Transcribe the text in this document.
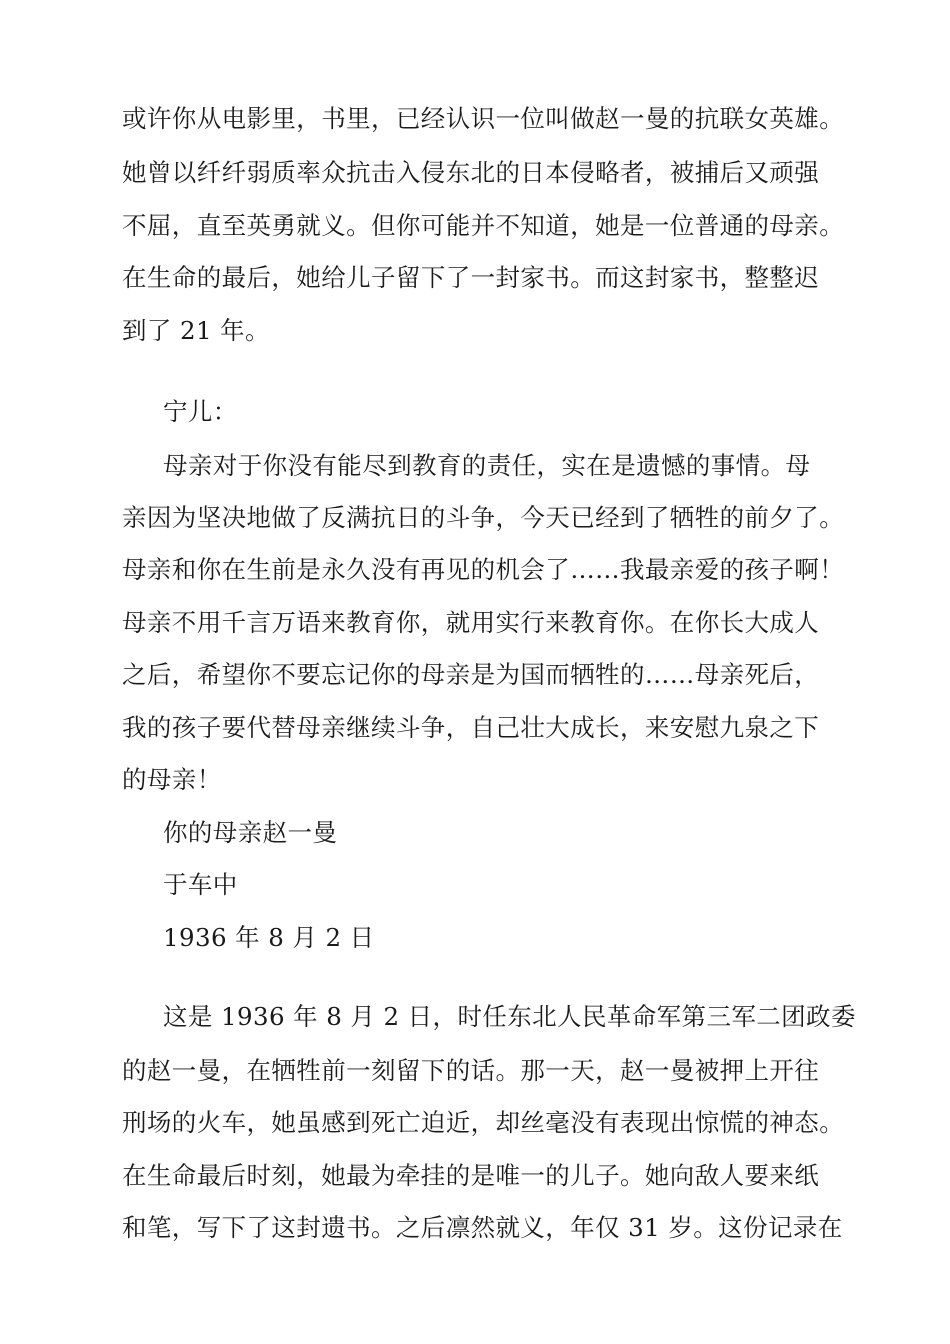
或许你从电影里，书里，已经认识一位叫做赵一曼的抗联女英雄。
她曾以纤纤弱质率众抗击入侵东北的日本侵略者，被捕后又顽强
不屈，直至英勇就义。但你可能并不知道，她是一位普通的母亲。
在生命的最后，她给儿子留下了一封家书。而这封家书，整整迟
到了 21 年。
宁儿：
母亲对于你没有能尽到教育的责任，实在是遗憾的事情。母
亲因为坚决地做了反满抗日的斗争，今天已经到了牺牲的前夕了。
母亲和你在生前是永久没有再见的机会了……我最亲爱的孩子啊！
母亲不用千言万语来教育你，就用实行来教育你。在你长大成人
之后，希望你不要忘记你的母亲是为国而牺牲的……母亲死后，
我的孩子要代替母亲继续斗争，自己壮大成长，来安慰九泉之下
的母亲！
你的母亲赵一曼
于车中
1936 年 8 月 2 日
这是 1936 年 8 月 2 日，时任东北人民革命军第三军二团政委
的赵一曼，在牺牲前一刻留下的话。那一天，赵一曼被押上开往
刑场的火车，她虽感到死亡迫近，却丝毫没有表现出惊慌的神态。
在生命最后时刻，她最为牵挂的是唯一的儿子。她向敌人要来纸
和笔，写下了这封遗书。之后凛然就义，年仅 31 岁。这份记录在
